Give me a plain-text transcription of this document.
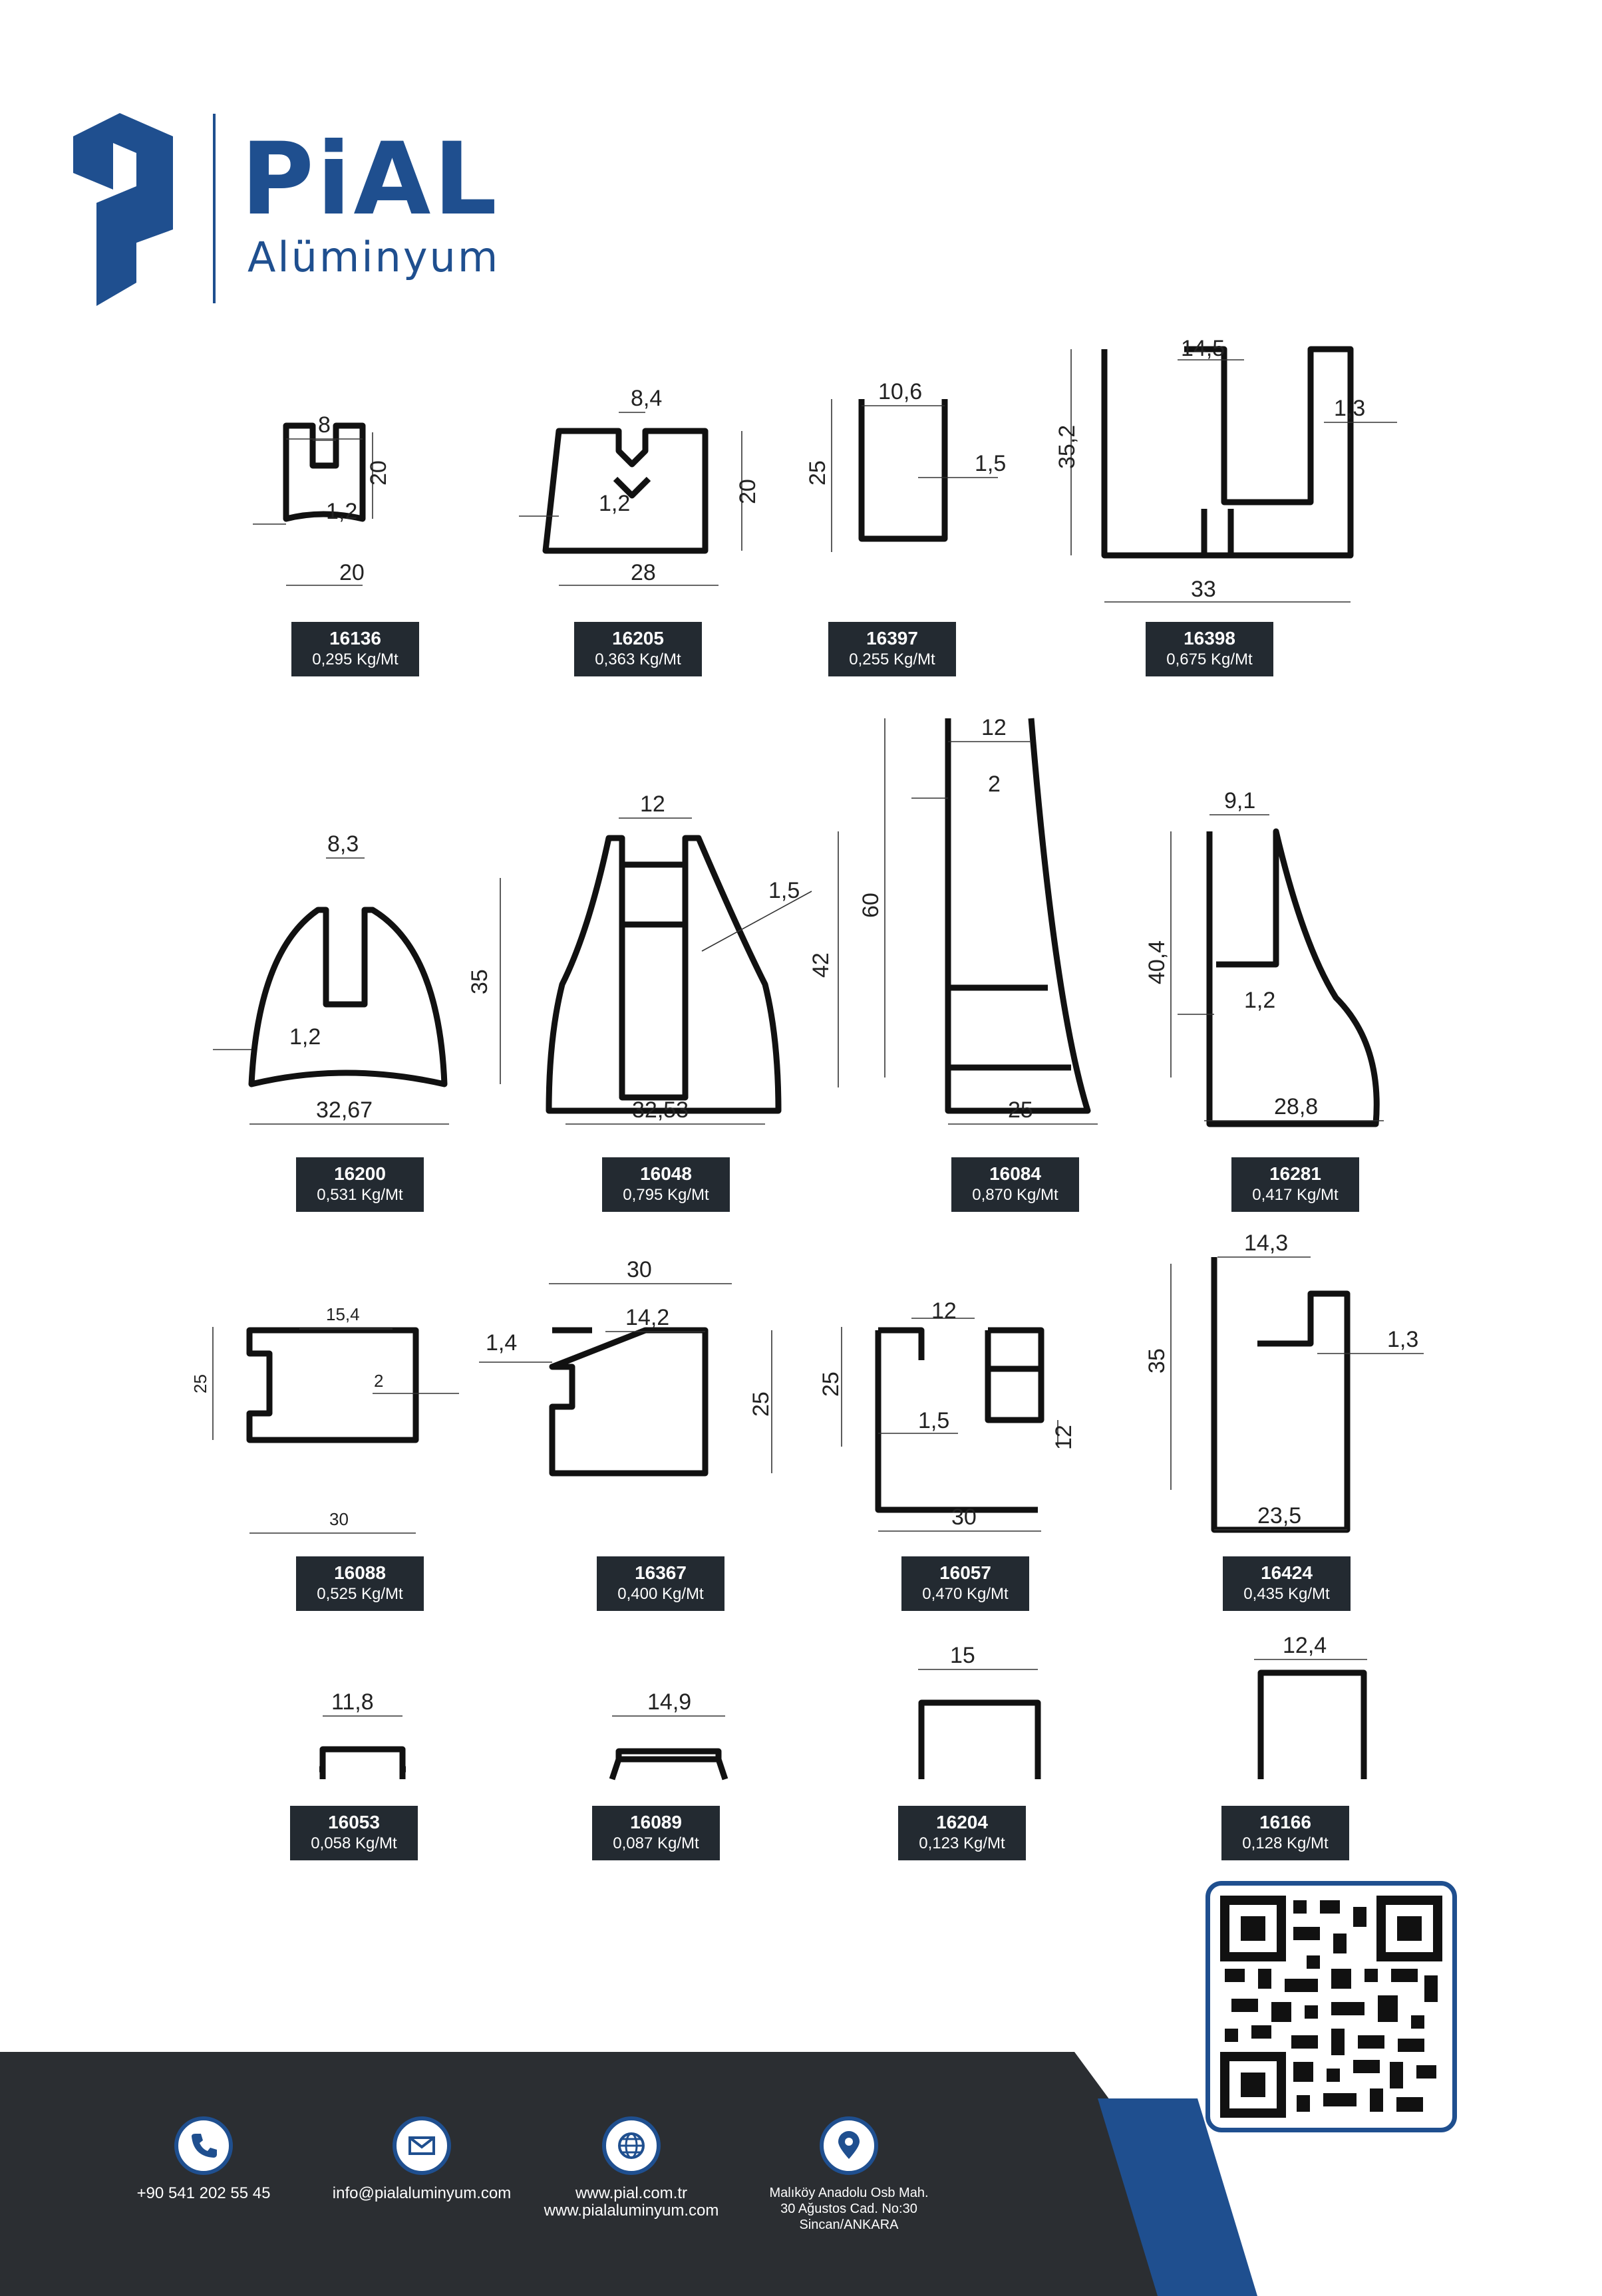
PiAL
Alüminyum
8
20
1,2
20
8,4
20
1,2
28
10,6
25	1,5
14,5
1,3
35,2
33
16136
0,295 Kg/Mt
16205
0,363 Kg/Mt
16397
0,255 Kg/Mt
16398
0,675 Kg/Mt
8,3
35
1,2
32,67
12
1,5
42
32,53
12
2
60
25
9,1
40,4
1,2
28,8
16200
0,531 Kg/Mt
16048
0,795 Kg/Mt
16084
0,870 Kg/Mt
16281
0,417 Kg/Mt
15,4
25	2
30
30
1,4
14,2
25
12
25
1,5
12
30
14,3
35
1,3
23,5
16088
0,525 Kg/Mt
16367
0,400 Kg/Mt
16057
0,470 Kg/Mt
16424
0,435 Kg/Mt
11,8	14,9
15	12,4
16053
0,058 Kg/Mt
16089
0,087 Kg/Mt
16204
0,123 Kg/Mt
16166
0,128 Kg/Mt
+90 541 202 55 45	info@pialaluminyum.com	www.pial.com.tr
www.pialaluminyum.com
Malıköy Anadolu Osb Mah.
30 Ağustos Cad. No:30
Sincan/ANKARA
